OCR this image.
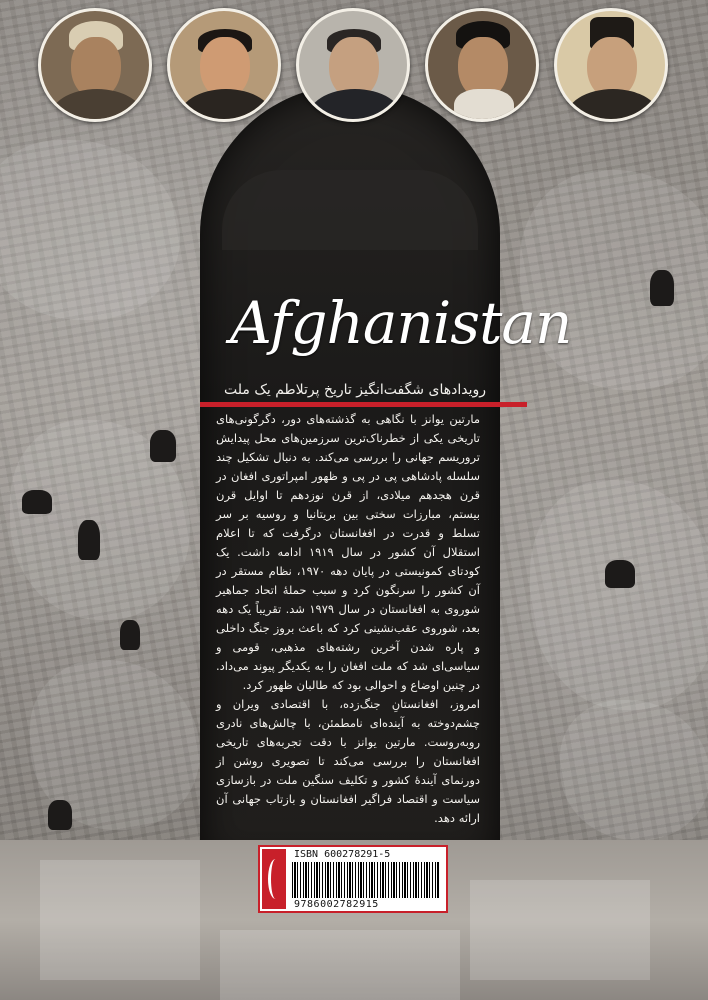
Afghanistan
رویدادهای شگفت‌انگیز تاریخ پرتلاطم یک ملت

مارتین یوانز با نگاهی به گذشته‌های دور، دگرگونی‌های تاریخی یکی از خطرناک‌ترین سرزمین‌های محل پیدایش تروریسم جهانی را بررسی می‌کند. به دنبال تشکیل چند سلسله پادشاهی پی در پی و ظهور امپراتوری افغان در قرن هجدهم میلادی، از قرن نوزدهم تا اوایل قرن بیستم، مبارزات سختی بین بریتانیا و روسیه بر سر تسلط و قدرت در افغانستان درگرفت که تا اعلام استقلال آن کشور در سال ۱۹۱۹ ادامه داشت. یک کودتای کمونیستی در پایان دهه ۱۹۷۰، نظام مستقر در آن کشور را سرنگون کرد و سبب حملهٔ اتحاد جماهیر شوروی به افغانستان در سال ۱۹۷۹ شد. تقریباً یک دهه بعد، شوروی عقب‌نشینی کرد که باعث بروز جنگ داخلی و پاره شدن آخرین رشته‌های مذهبی، قومی و سیاسی‌ای شد که ملت افغان را به یکدیگر پیوند می‌داد. در چنین اوضاع و احوالی بود که طالبان ظهور کرد.

امروز، افغانستانِ جنگ‌زده، با اقتصادی ویران و چشم‌دوخته به آینده‌ای نامطمئن، با چالش‌های نادری روبه‌روست. مارتین یوانز با دقت تجربه‌های تاریخی افغانستان را بررسی می‌کند تا تصویری روشن از دورنمای آیندهٔ کشور و تکلیف سنگین ملت در بازسازی سیاست و اقتصاد فراگیر افغانستان و بازتاب جهانی آن ارائه دهد.

ISBN 600278291-5
9786002782915
